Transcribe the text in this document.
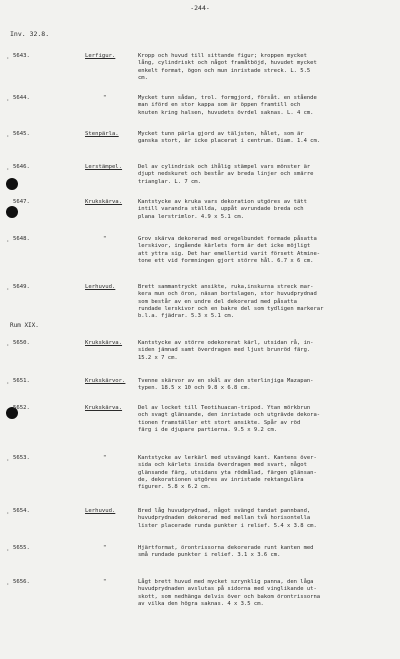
-244-
Inv. 32.8.
Rum XIX.
· 5643.	Lerfigur.	Kropp och huvud till sittande figur; kroppen mycket
lång, cylindriskt och något framåtböjd, huvudet mycket
enkelt format, ögon och mun inristade streck. L. 5.5
cm.
· 5644.	"	Mycket tunn sådan, trol. formgjord, försåt. en stående
man iförd en stor kappa som är öppen framtill och
knuten kring halsen, huvudets övrdel saknas. L. 4 cm.
· 5645.	Stenpärla.	Mycket tunn pärla gjord av täljsten, hålet, som är
ganska stort, är icke placerat i centrum. Diam. 1.4 cm.
· 5646.	Lerstämpel.	Del av cylindrisk och ihålig stämpel vars mönster är
djupt nedskuret och består av breda linjer och smärre
trianglar. L. 7 cm.
5647.	Krukskärva.	Kantstycke av kruka vars dekoration utgöres av tätt
intill varandra ställda, uppåt avrundade breda och
plana lerstrimlor. 4.9 x 5.1 cm.
· 5648.	"	Grov skärva dekorerad med oregelbundet formade påsatta
lerskivor, ingående kärlets form är det icke möjligt
att yttra sig. Det har emellertid varit försett Atmine-
tone ett vid formningen gjort större hål. 6.7 x 6 cm.
· 5649.	Lerhuvud.	Brett sammantryckt ansikte, ruka,inskurna streck mar-
kera mun och öron, näsan bortslagen, stor huvudprydnad
som består av en undre del dekorerad med påsatta
rundade lerskivor och en bakre del som tydligen markerar
b.l.a. fjädrar. 5.3 x 5.1 cm.
· 5650.	Krukskärva.	Kantstycke av större odekorerat kärl, utsidan rå, in-
siden jämnad samt överdragen med ljust brunröd färg.
15.2 x 7 cm.
· 5651.	Krukskärvor. Tvenne skärvor av en skål av den sterlinjiga Mazapan-
typen. 18.5 x 10 och 9.8 x 6.8 cm.
5652.	Krukskärva.	Del av locket till Teotihuacan-tripod. Ytan mörkbrun
och svagt glänsande, den inristade och utgrävde dekora-
tionen framställer ett stort ansikte. Spår av röd
färg i de djupare partierna. 9.5 x 9.2 cm.
· 5653.	"	Kantstycke av lerkärl med utsvängd kant. Kantens över-
sida och kärlets insida överdragen med svart, något
glänsande färg, utsidans yta rödmålad, färgen glänsan-
de, dekorationen utgöres av inristade rektangulära
figurer. 5.8 x 6.2 cm.
· 5654.	Lerhuvud.	Bred låg huvudprydnad, något svängd tandat pannband,
huvudprydnaden dekorerad med mellan två horisontella
lister placerade runda punkter i relief. 5.4 x 3.8 cm.
· 5655.	"	Hjärtformat, örontrissorna dekorerade runt kanten med
små rundade punkter i relief. 3.1 x 3.6 cm.
· 5656.	"	Lågt brett huvud med mycket szrynklig panna, den låga
huvudprydnaden avslutas på sidorna med vinglikande ut-
skott, som nedhänga delvis över och bakom örontrissorna
av vilka den högra saknas. 4 x 3.5 cm.
